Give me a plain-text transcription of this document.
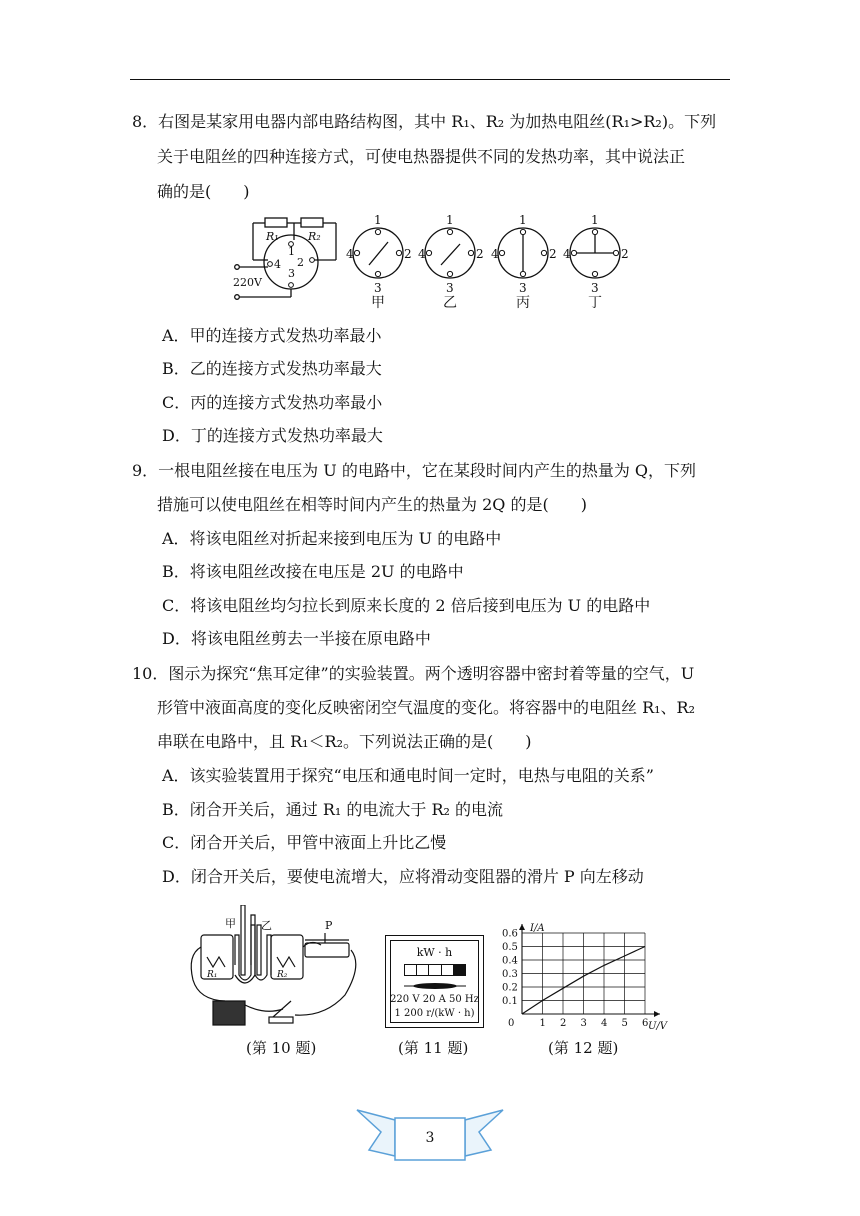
8．右图是某家用电器内部电路结构图，其中 R₁、R₂ 为加热电阻丝(R₁>R₂)。下列
关于电阻丝的四种连接方式，可使电热器提供不同的发热功率，其中说法正
确的是(　　)
R₁	R₂
220V
1
2
3
4
1
2
3
4
1
2
3
4
1
2
3
4
1
2
3
4
甲	乙	丙	丁
A．甲的连接方式发热功率最小
B．乙的连接方式发热功率最大
C．丙的连接方式发热功率最小
D．丁的连接方式发热功率最大
9．一根电阻丝接在电压为 U 的电路中，它在某段时间内产生的热量为 Q，下列
措施可以使电阻丝在相等时间内产生的热量为 2Q 的是(　　)
A．将该电阻丝对折起来接到电压为 U 的电路中
B．将该电阻丝改接在电压是 2U 的电路中
C．将该电阻丝均匀拉长到原来长度的 2 倍后接到电压为 U 的电路中
D．将该电阻丝剪去一半接在原电路中
10．图示为探究“焦耳定律”的实验装置。两个透明容器中密封着等量的空气，U
形管中液面高度的变化反映密闭空气温度的变化。将容器中的电阻丝 R₁、R₂
串联在电路中，且 R₁＜R₂。下列说法正确的是(　　)
A．该实验装置用于探究“电压和通电时间一定时，电热与电阻的关系”
B．闭合开关后，通过 R₁ 的电流大于 R₂ 的电流
C．闭合开关后，甲管中液面上升比乙慢
D．闭合开关后，要使电流增大，应将滑动变阻器的滑片 P 向左移动
甲 乙	P
R₁	R₂
kW · h
220 V 20 A 50 Hz
1 200 r/(kW · h)
0.1
0.2
0.3
0.4
0.5
0.6
1 2 3 4 5 6
0
I/A
U/V
(第 10 题)	(第 11 题)	(第 12 题)
3
